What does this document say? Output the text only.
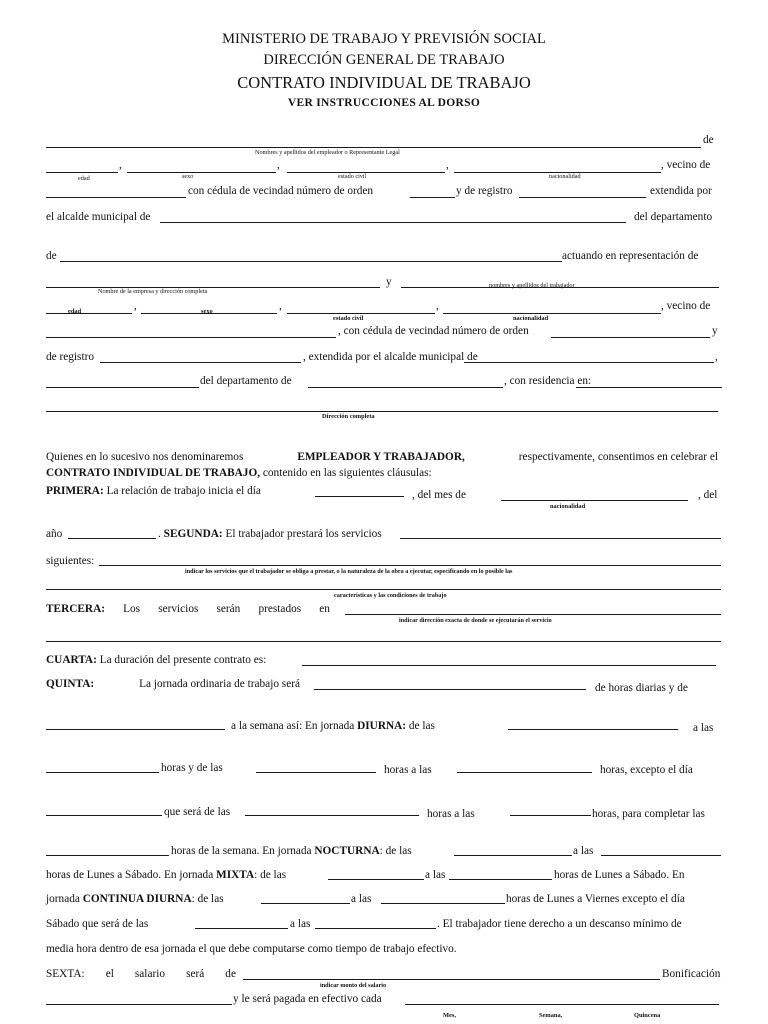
MINISTERIO DE TRABAJO Y PREVISIÓN SOCIAL
DIRECCIÓN GENERAL DE TRABAJO
CONTRATO INDIVIDUAL DE TRABAJO
VER INSTRUCCIONES AL DORSO
de
Nombres y apellidos del empleador o Representante Legal
,	,	,	, vecino de
edad	sexo	estado civil	nacionalidad
con cédula de vecindad número de orden	y de registro	extendida por
el alcalde municipal de	del departamento
de	actuando en representación de
Nombre de la empresa y dirección completa
y	nombres y apellidos del trabajador
edad	,	sexo	,
estado civil
,
nacionalidad
, vecino de
, con cédula de vecindad número de orden	y
de registro	, extendida por el alcalde municipal de	,
del departamento de	, con residencia en:
Dirección completa
Quienes en lo sucesivo nos denominaremos	EMPLEADOR Y TRABAJADOR,	respectivamente, consentimos en celebrar el
CONTRATO INDIVIDUAL DE TRABAJO, contenido en las siguientes cláusulas:
PRIMERA: La relación de trabajo inicia el día	, del mes de
nacionalidad
, del
año	. SEGUNDA: El trabajador prestará los servicios
siguientes:
indicar los servicios que el trabajador se obliga a prestar, o la naturaleza de la obra a ejecutar, especificando en lo posible las
características y las condiciones de trabajo
TERCERA: Los servicios serán prestados en
indicar dirección exacta de donde se ejecutarán el servicio
CUARTA: La duración del presente contrato es:
QUINTA:	La jornada ordinaria de trabajo será	de horas diarias y de
a la semana así: En jornada DIURNA: de las	a las
horas y de las	horas a las	horas, excepto el día
que será de las	horas a las	horas, para completar las
horas de la semana. En jornada NOCTURNA: de las	a las
horas de Lunes a Sábado. En jornada MIXTA: de las	a las	horas de Lunes a Sábado. En
jornada CONTINUA DIURNA: de las	a las	horas de Lunes a Viernes excepto el día
Sábado que será de las	a las	. El trabajador tiene derecho a un descanso mínimo de
media hora dentro de esa jornada el que debe computarse como tiempo de trabajo efectivo.
SEXTA: el salario será de
indicar monto del salario
Bonificación
y le será pagada en efectivo cada
Mes,	Semana,	Quincena
